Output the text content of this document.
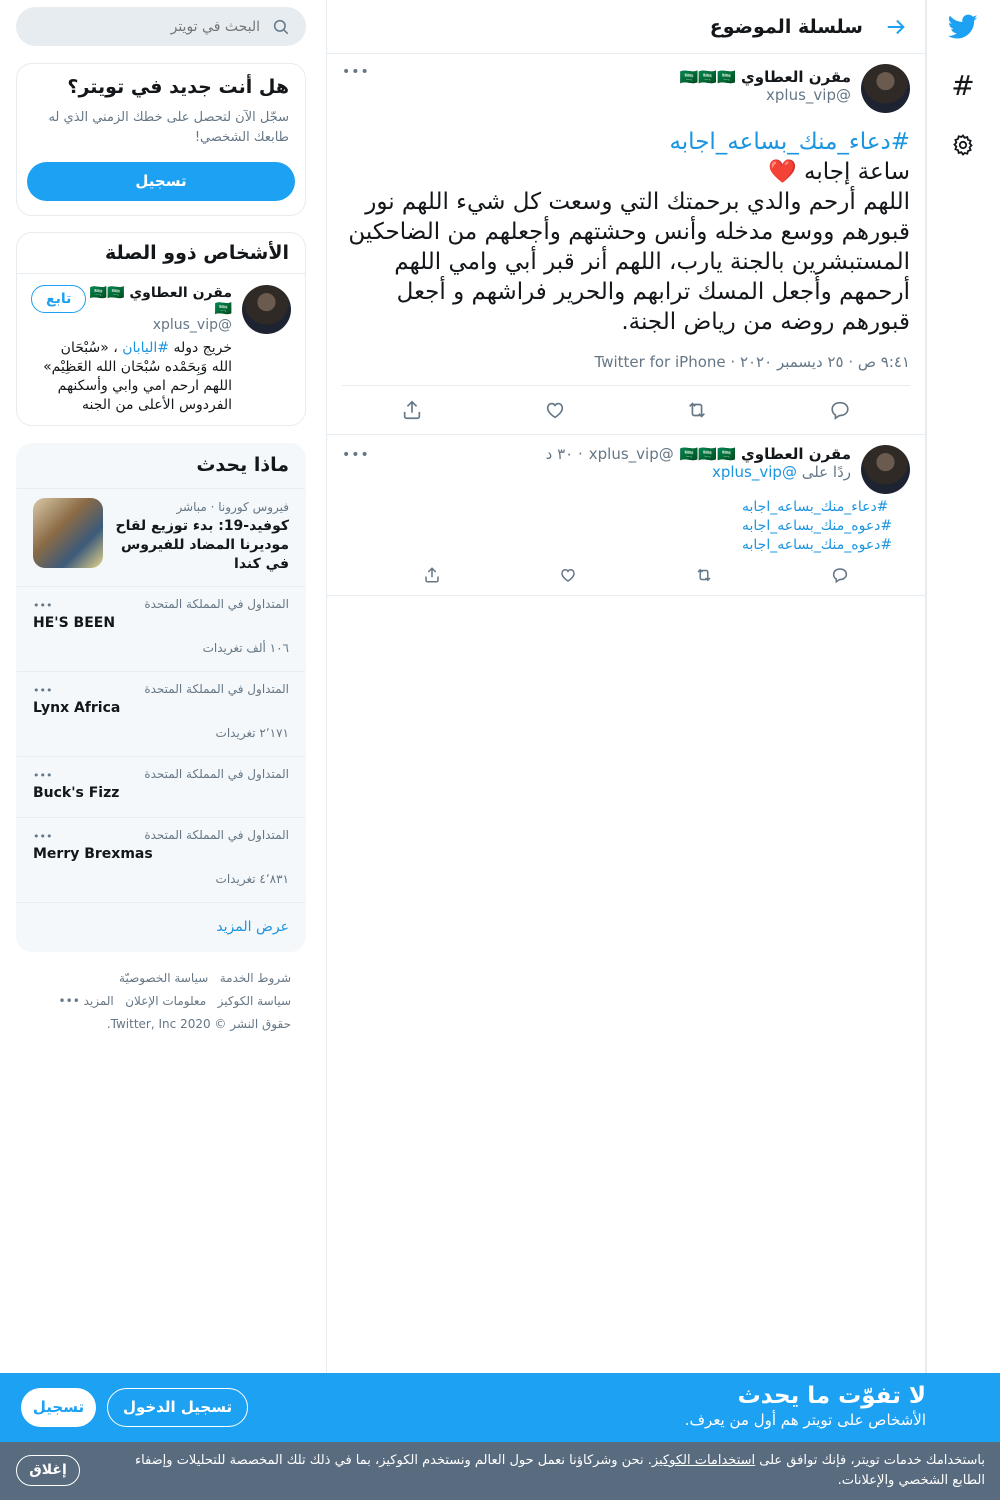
#
سلسلة الموضوع
مقرن العطاوي 🇸🇦🇸🇦🇸🇦
@xplus_vip
•••
#دعاء_منك_بساعه_اجابه
ساعة إجابه ❤️
اللهم أرحم والدي برحمتك التي وسعت كل شيء اللهم نور قبورهم ووسع مدخله وأنس وحشتهم وأجعلهم من الضاحكين المستبشرين بالجنة يارب، اللهم أنر قبر أبي وامي اللهم أرحمهم وأجعل المسك ترابهم والحرير فراشهم و أجعل قبورهم روضه من رياض الجنة.
٩:٤١ ص · ٢٥ ديسمبر ٢٠٢٠ · Twitter for iPhone
مقرن العطاوي 🇸🇦🇸🇦🇸🇦
@xplus_vip
· ٣٠ د
•••
ردًا على @xplus_vip
#دعاء_منك_بساعه_اجابه
#دعوه_منك_بساعه_اجابه
#دعوه_منك_بساعه_اجابه
البحث في تويتر
هل أنت جديد في تويتر؟
سجّل الآن لتحصل على خطك الزمني الذي له طابعك الشخصي!
تسجيل
الأشخاص ذوو الصلة
مقرن العطاوي 🇸🇦🇸🇦🇸🇦
@xplus_vip
تابع
خريج دوله #اليابان ، «سُبْحَان الله وَبِحَمْده سُبْحَان الله العَظِيْم» اللهم ارحم امي وابي وأسكنهم الفردوس الأعلى من الجنه
ماذا يحدث
فيروس كورونا · مباشر
كوفيد-19: بدء توزيع لقاح موديرنا المضاد للفيروس في كندا
المتداول في المملكة المتحدة
HE'S BEEN
١٠٦ ألف تغريدات
•••
المتداول في المملكة المتحدة
Lynx Africa
٢٬١٧١ تغريدات
•••
المتداول في المملكة المتحدة
Buck's Fizz
•••
المتداول في المملكة المتحدة
Merry Brexmas
٤٬٨٣١ تغريدات
•••
عرض المزيد
شروط الخدمة   سياسة الخصوصيّة
سياسة الكوكيز   معلومات الإعلان   المزيد •••
حقوق النشر © 2020 Twitter, Inc.
لا تفوّت ما يحدث
الأشخاص على تويتر هم أول من يعرف.
تسجيل الدخول
تسجيل
باستخدامك خدمات تويتر، فإنك توافق على استخدامات الكوكيز. نحن وشركاؤنا نعمل حول العالم ونستخدم الكوكيز، بما في ذلك تلك المخصصة للتحليلات وإضفاء الطابع الشخصي والإعلانات.
إغلاق
